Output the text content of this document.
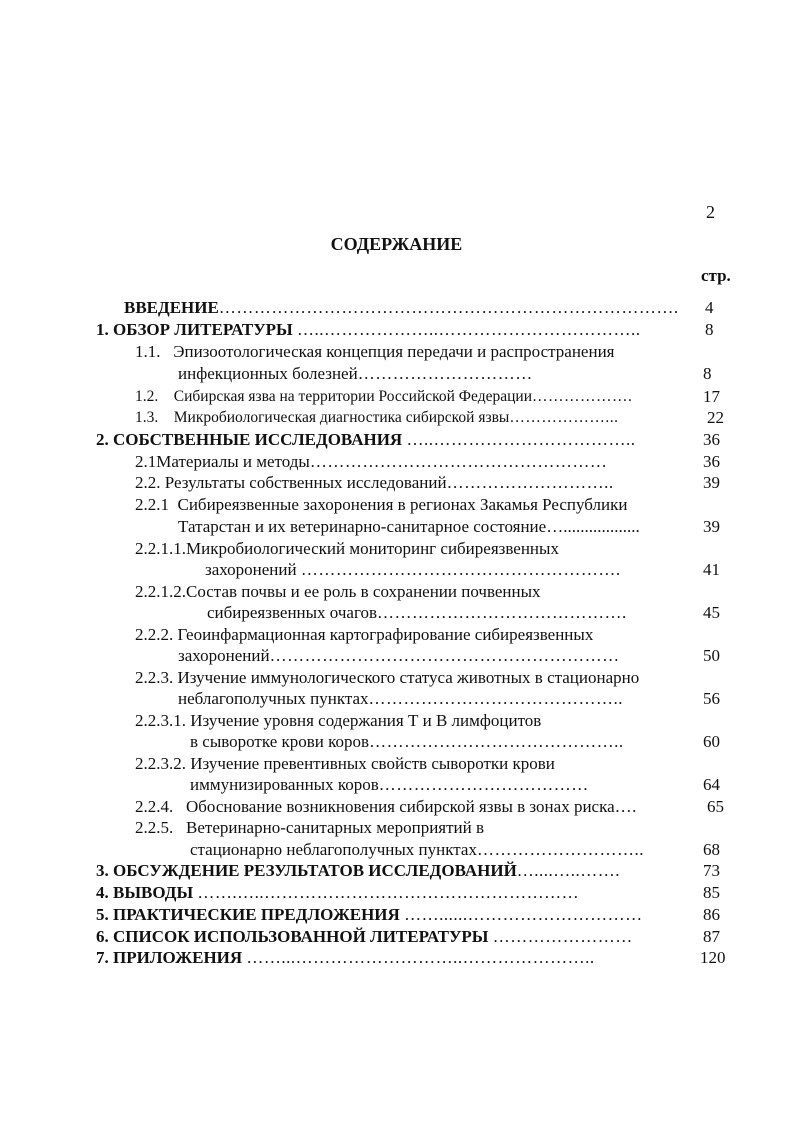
2
СОДЕРЖАНИЕ
стр.
ВВЕДЕНИЕ……………………………………………………………………. 4
1. ОБЗОР ЛИТЕРАТУРЫ …..………………..……………………………..	8
1.1. Эпизоотологическая концепция передачи и распространения
инфекционных болезней…………………………	8
1.2. Сибирская язва на территории Российской Федерации……………….	17
1.3. Микробиологическая диагностика сибирской язвы………………...	22
2. СОБСТВЕННЫЕ ИССЛЕДОВАНИЯ …..……………………………..	36
2.1Материалы и методы……………………………………………	36
2.2. Результаты собственных исследований………………………..	39
2.2.1 Сибиреязвенные захоронения в регионах Закамья Республики
Татарстан и их ветеринарно-санитарное состояние…..................	39
2.2.1.1.Микробиологический мониторинг сибиреязвенных
захоронений ……………………………………………….	41
2.2.1.2.Состав почвы и ее роль в сохранении почвенных
сибиреязвенных очагов…………………………………….	45
2.2.2. Геоинфармационная картографирование сибиреязвенных
захоронений……………………………………………………	50
2.2.3. Изучение иммунологического статуса животных в стационарно
неблагополучных пунктах……………………………………..	56
2.2.3.1. Изучение уровня содержания Т и В лимфоцитов
в сыворотке крови коров……………………………………..	60
2.2.3.2. Изучение превентивных свойств сыворотки крови
иммунизированных коров………………………………	64
2.2.4. Обоснование возникновения сибирской язвы в зонах риска….	65
2.2.5. Ветеринарно-санитарных мероприятий в
стационарно неблагополучных пунктах………………………..	68
3. ОБСУЖДЕНИЕ РЕЗУЛЬТАТОВ ИССЛЕДОВАНИЙ…....…..…….	73
4. ВЫВОДЫ …….…..………………………………………………	85
5. ПРАКТИЧЕСКИЕ ПРЕДЛОЖЕНИЯ ……......…………………………	86
6. СПИСОК ИСПОЛЬЗОВАННОЙ ЛИТЕРАТУРЫ ……………………	87
7. ПРИЛОЖЕНИЯ ……...………………………..…………………..	120
